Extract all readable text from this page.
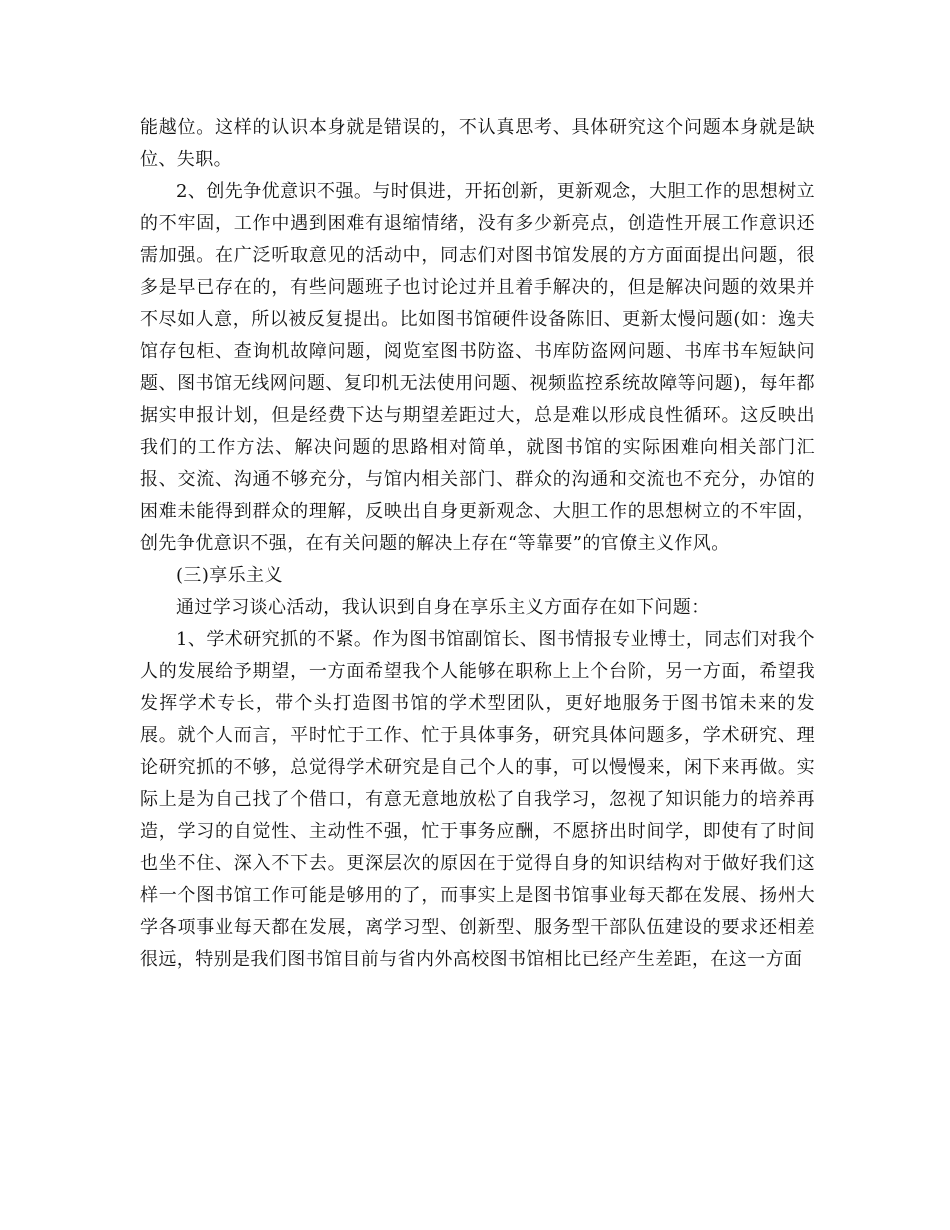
能越位。这样的认识本身就是错误的，不认真思考、具体研究这个问题本身就是缺位、失职。

2、创先争优意识不强。与时俱进，开拓创新，更新观念，大胆工作的思想树立的不牢固，工作中遇到困难有退缩情绪，没有多少新亮点，创造性开展工作意识还需加强。在广泛听取意见的活动中，同志们对图书馆发展的方方面面提出问题，很多是早已存在的，有些问题班子也讨论过并且着手解决的，但是解决问题的效果并不尽如人意，所以被反复提出。比如图书馆硬件设备陈旧、更新太慢问题(如：逸夫馆存包柜、查询机故障问题，阅览室图书防盗、书库防盗网问题、书库书车短缺问题、图书馆无线网问题、复印机无法使用问题、视频监控系统故障等问题)，每年都据实申报计划，但是经费下达与期望差距过大，总是难以形成良性循环。这反映出我们的工作方法、解决问题的思路相对简单，就图书馆的实际困难向相关部门汇报、交流、沟通不够充分，与馆内相关部门、群众的沟通和交流也不充分，办馆的困难未能得到群众的理解，反映出自身更新观念、大胆工作的思想树立的不牢固，创先争优意识不强，在有关问题的解决上存在“等靠要”的官僚主义作风。

(三)享乐主义

通过学习谈心活动，我认识到自身在享乐主义方面存在如下问题：

1、学术研究抓的不紧。作为图书馆副馆长、图书情报专业博士，同志们对我个人的发展给予期望，一方面希望我个人能够在职称上上个台阶，另一方面，希望我发挥学术专长，带个头打造图书馆的学术型团队，更好地服务于图书馆未来的发展。就个人而言，平时忙于工作、忙于具体事务，研究具体问题多，学术研究、理论研究抓的不够，总觉得学术研究是自己个人的事，可以慢慢来，闲下来再做。实际上是为自己找了个借口，有意无意地放松了自我学习，忽视了知识能力的培养再造，学习的自觉性、主动性不强，忙于事务应酬，不愿挤出时间学，即使有了时间也坐不住、深入不下去。更深层次的原因在于觉得自身的知识结构对于做好我们这样一个图书馆工作可能是够用的了，而事实上是图书馆事业每天都在发展、扬州大学各项事业每天都在发展，离学习型、创新型、服务型干部队伍建设的要求还相差很远，特别是我们图书馆目前与省内外高校图书馆相比已经产生差距，在这一方面
